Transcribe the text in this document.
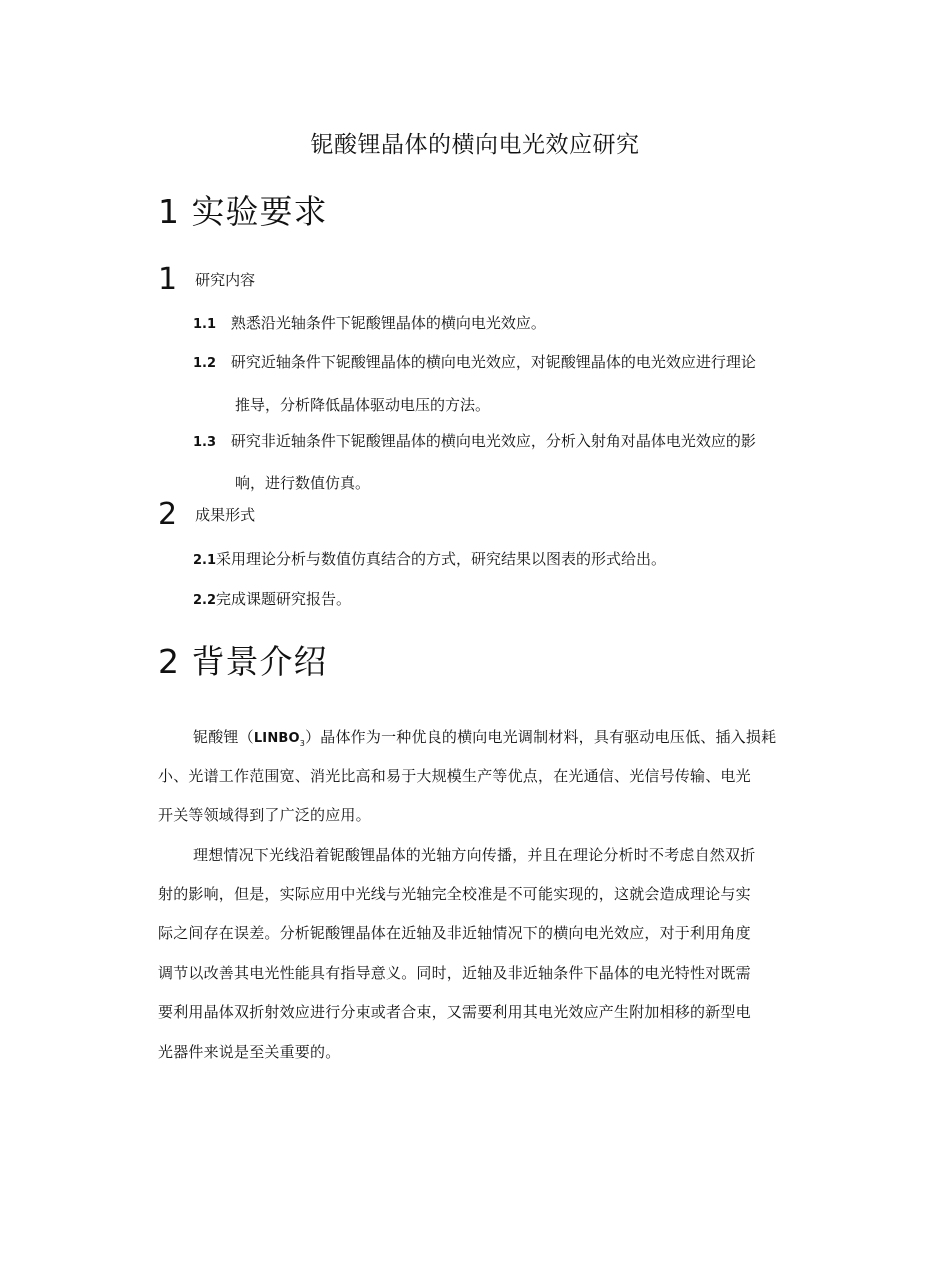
铌酸锂晶体的横向电光效应研究
1 实验要求
1 研究内容
1.1 熟悉沿光轴条件下铌酸锂晶体的横向电光效应。
1.2 研究近轴条件下铌酸锂晶体的横向电光效应，对铌酸锂晶体的电光效应进行理论
推导，分析降低晶体驱动电压的方法。
1.3 研究非近轴条件下铌酸锂晶体的横向电光效应，分析入射角对晶体电光效应的影
响，进行数值仿真。
2 成果形式
2.1采用理论分析与数值仿真结合的方式，研究结果以图表的形式给出。
2.2完成课题研究报告。
2 背景介绍
铌酸锂$(LINBO_3)$晶体作为一种优良的横向电光调制材料，具有驱动电压低、插入损耗
小、光谱工作范围宽、消光比高和易于大规模生产等优点，在光通信、光信号传输、电光
开关等领域得到了广泛的应用。
理想情况下光线沿着铌酸锂晶体的光轴方向传播，并且在理论分析时不考虑自然双折
射的影响，但是，实际应用中光线与光轴完全校准是不可能实现的，这就会造成理论与实
际之间存在误差。分析铌酸锂晶体在近轴及非近轴情况下的横向电光效应，对于利用角度
调节以改善其电光性能具有指导意义。同时，近轴及非近轴条件下晶体的电光特性对既需
要利用晶体双折射效应进行分束或者合束，又需要利用其电光效应产生附加相移的新型电
光器件来说是至关重要的。
